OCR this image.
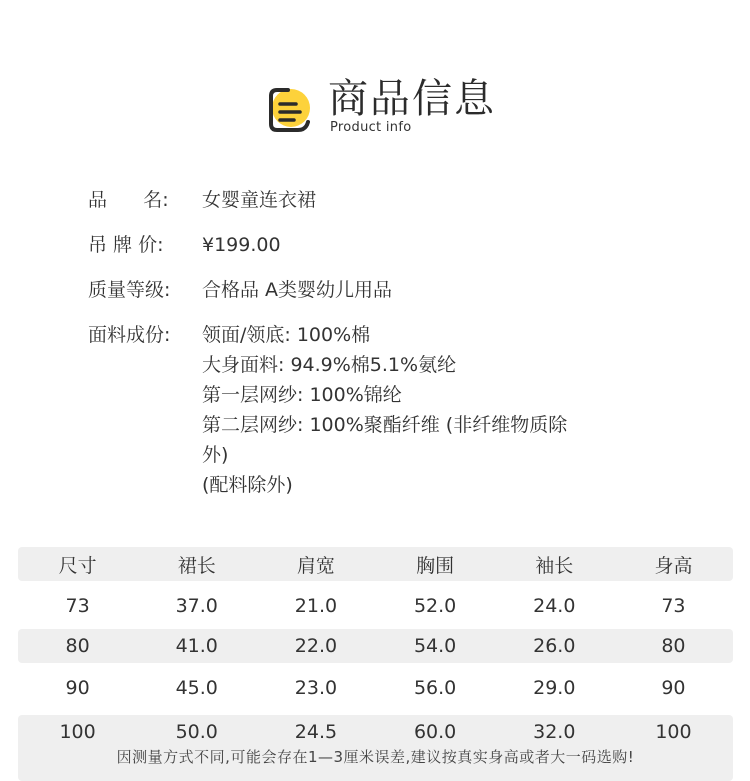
商品信息
Product info
品      名:	女婴童连衣裙
吊 牌 价:	¥199.00
质量等级:	合格品 A类婴幼儿用品
面料成份:	领面/领底: 100%棉
大身面料: 94.9%棉5.1%氨纶
第一层网纱: 100%锦纶
第二层网纱: 100%聚酯纤维 (非纤维物质除
外)
(配料除外)
尺寸	裙长	肩宽	胸围	袖长	身高
73	37.0	21.0	52.0	24.0	73
80	41.0	22.0	54.0	26.0	80
90	45.0	23.0	56.0	29.0	90
100	50.0	24.5	60.0	32.0	100
因测量方式不同,可能会存在1—3厘米误差,建议按真实身高或者大一码选购!
